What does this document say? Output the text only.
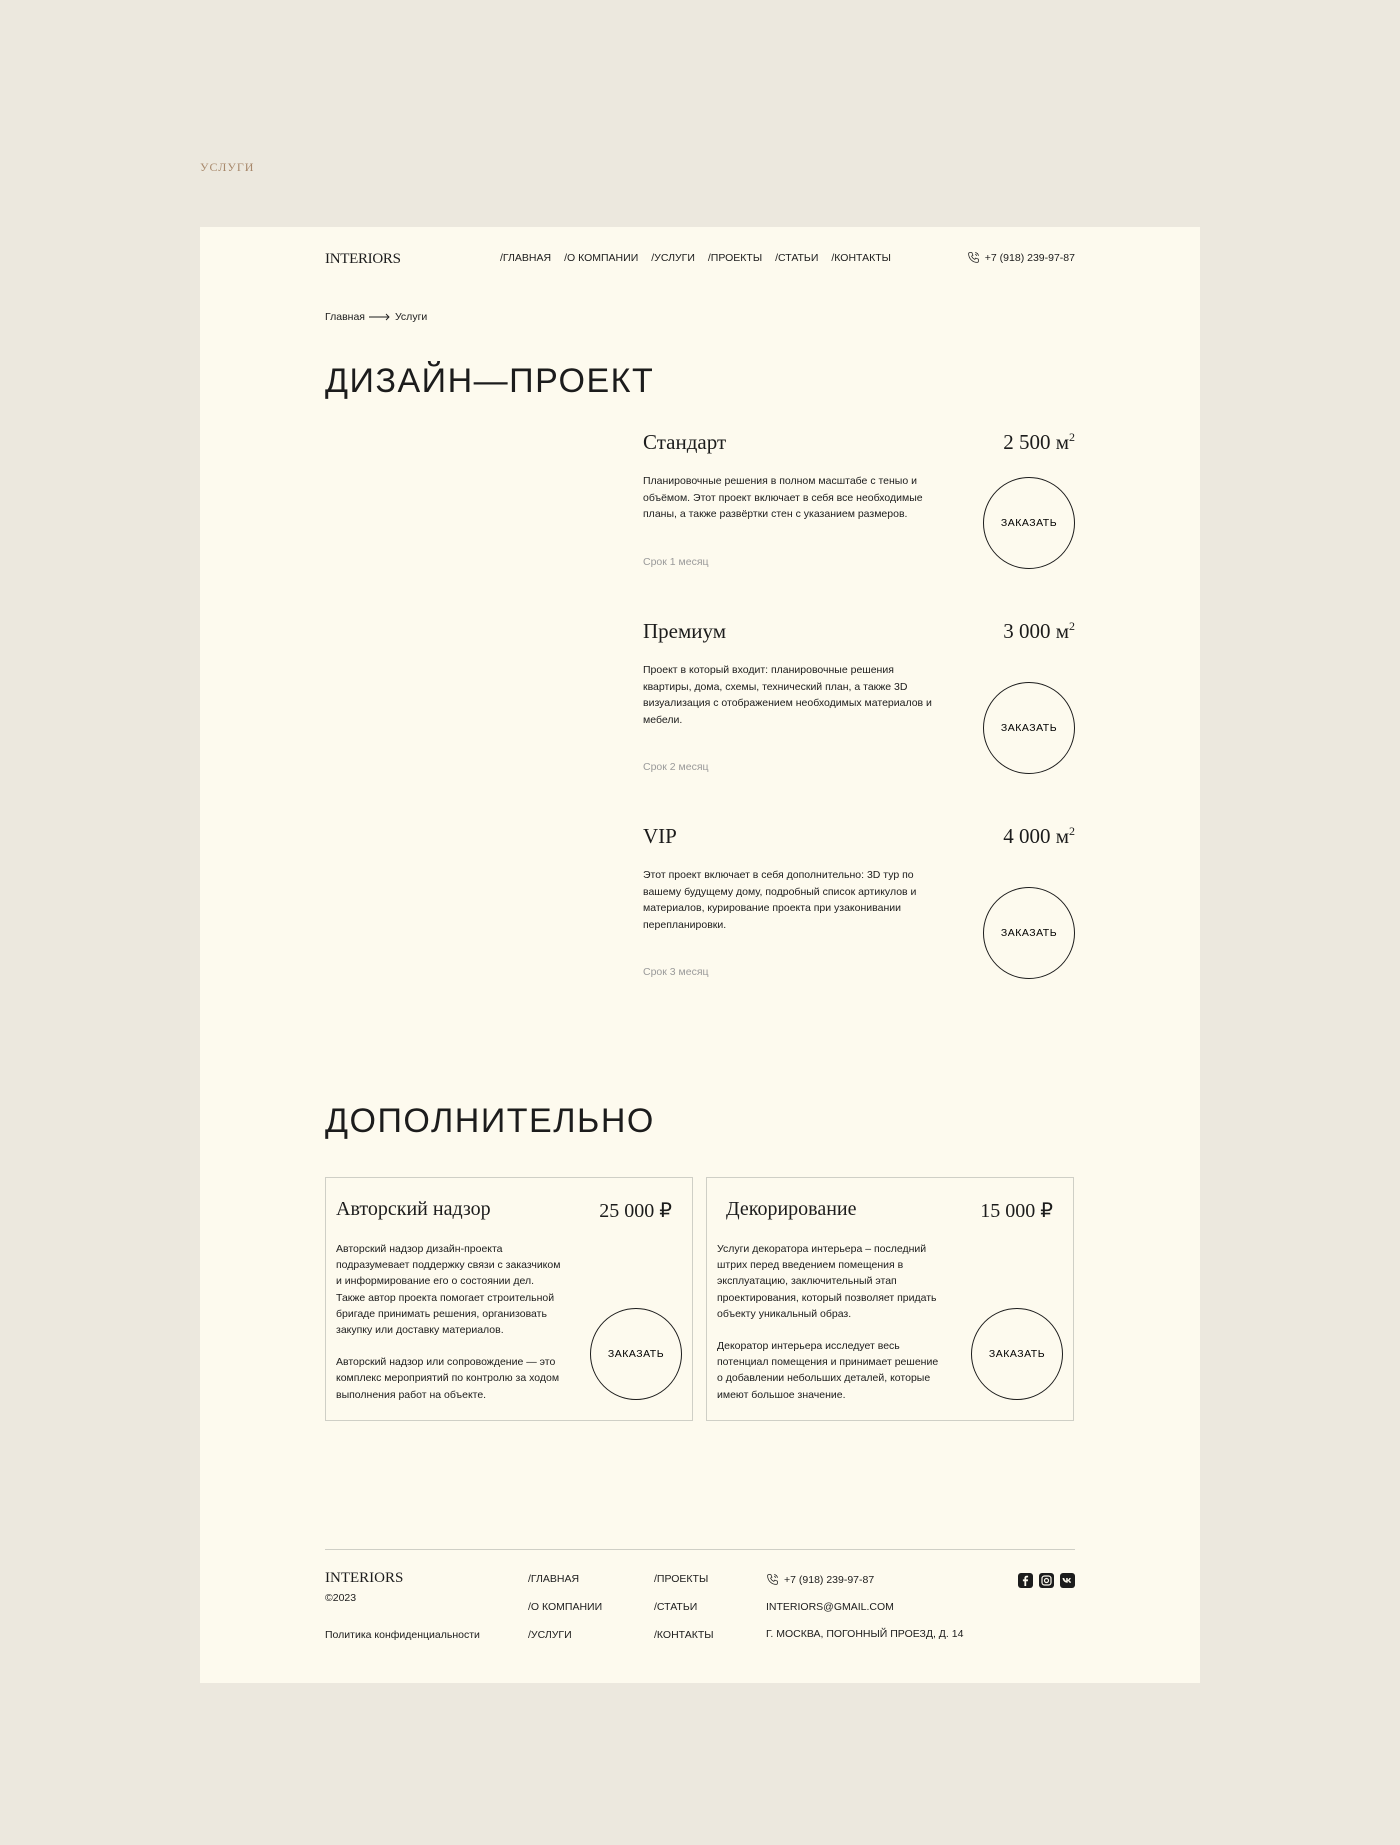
УСЛУГИ
INTERIORS	/ГЛАВНАЯ /О КОМПАНИИ /УСЛУГИ /ПРОЕКТЫ /СТАТЬИ /КОНТАКТЫ	+7 (918) 239-97-87
Главная	Услуги
ДИЗАЙН—ПРОЕКТ
Стандарт	2 500 $м^2$
Планировочные решения в полном масштабе с теныо и объёмом. Этот проект включает в себя все необходимые планы, а также развёртки стен с указанием размеров.
Срок 1 месяц
ЗАКАЗАТЬ
Премиум	3 000 $м^2$
Проект в который входит: планировочные решения квартиры, дома, схемы, технический план, а также 3D визуализация с отображением необходимых материалов и мебели.
Срок 2 месяц
ЗАКАЗАТЬ
VIP	4 000 $м^2$
Этот проект включает в себя дополнительно: 3D тур по вашему будущему дому, подробный список артикулов и материалов, курирование проекта при узаконивании перепланировки.
Срок 3 месяц
ЗАКАЗАТЬ
ДОПОЛНИТЕЛЬНО
Авторский надзор	25 000 ₽

Авторский надзор дизайн-проекта подразумевает поддержку связи с заказчиком и информирование его о состоянии дел. Также автор проекта помогает строительной бригаде принимать решения, организовать закупку или доставку материалов.

Авторский надзор или сопровождение — это комплекс мероприятий по контролю за ходом выполнения работ на объекте.

ЗАКАЗАТЬ
Декорирование	15 000 ₽

Услуги декоратора интерьера – последний штрих перед введением помещения в эксплуатацию, заключительный этап проектирования, который позволяет придать объекту уникальный образ.

Декоратор интерьера исследует весь потенциал помещения и принимает решение о добавлении небольших деталей, которые имеют большое значение.

ЗАКАЗАТЬ
INTERIORS
©2023
Политика конфиденциальности
/ГЛАВНАЯ
/О КОМПАНИИ
/УСЛУГИ
/ПРОЕКТЫ
/СТАТЬИ
/КОНТАКТЫ
+7 (918) 239-97-87
INTERIORS@GMAIL.COM
Г. МОСКВА, ПОГОННЫЙ ПРОЕЗД, Д. 14
